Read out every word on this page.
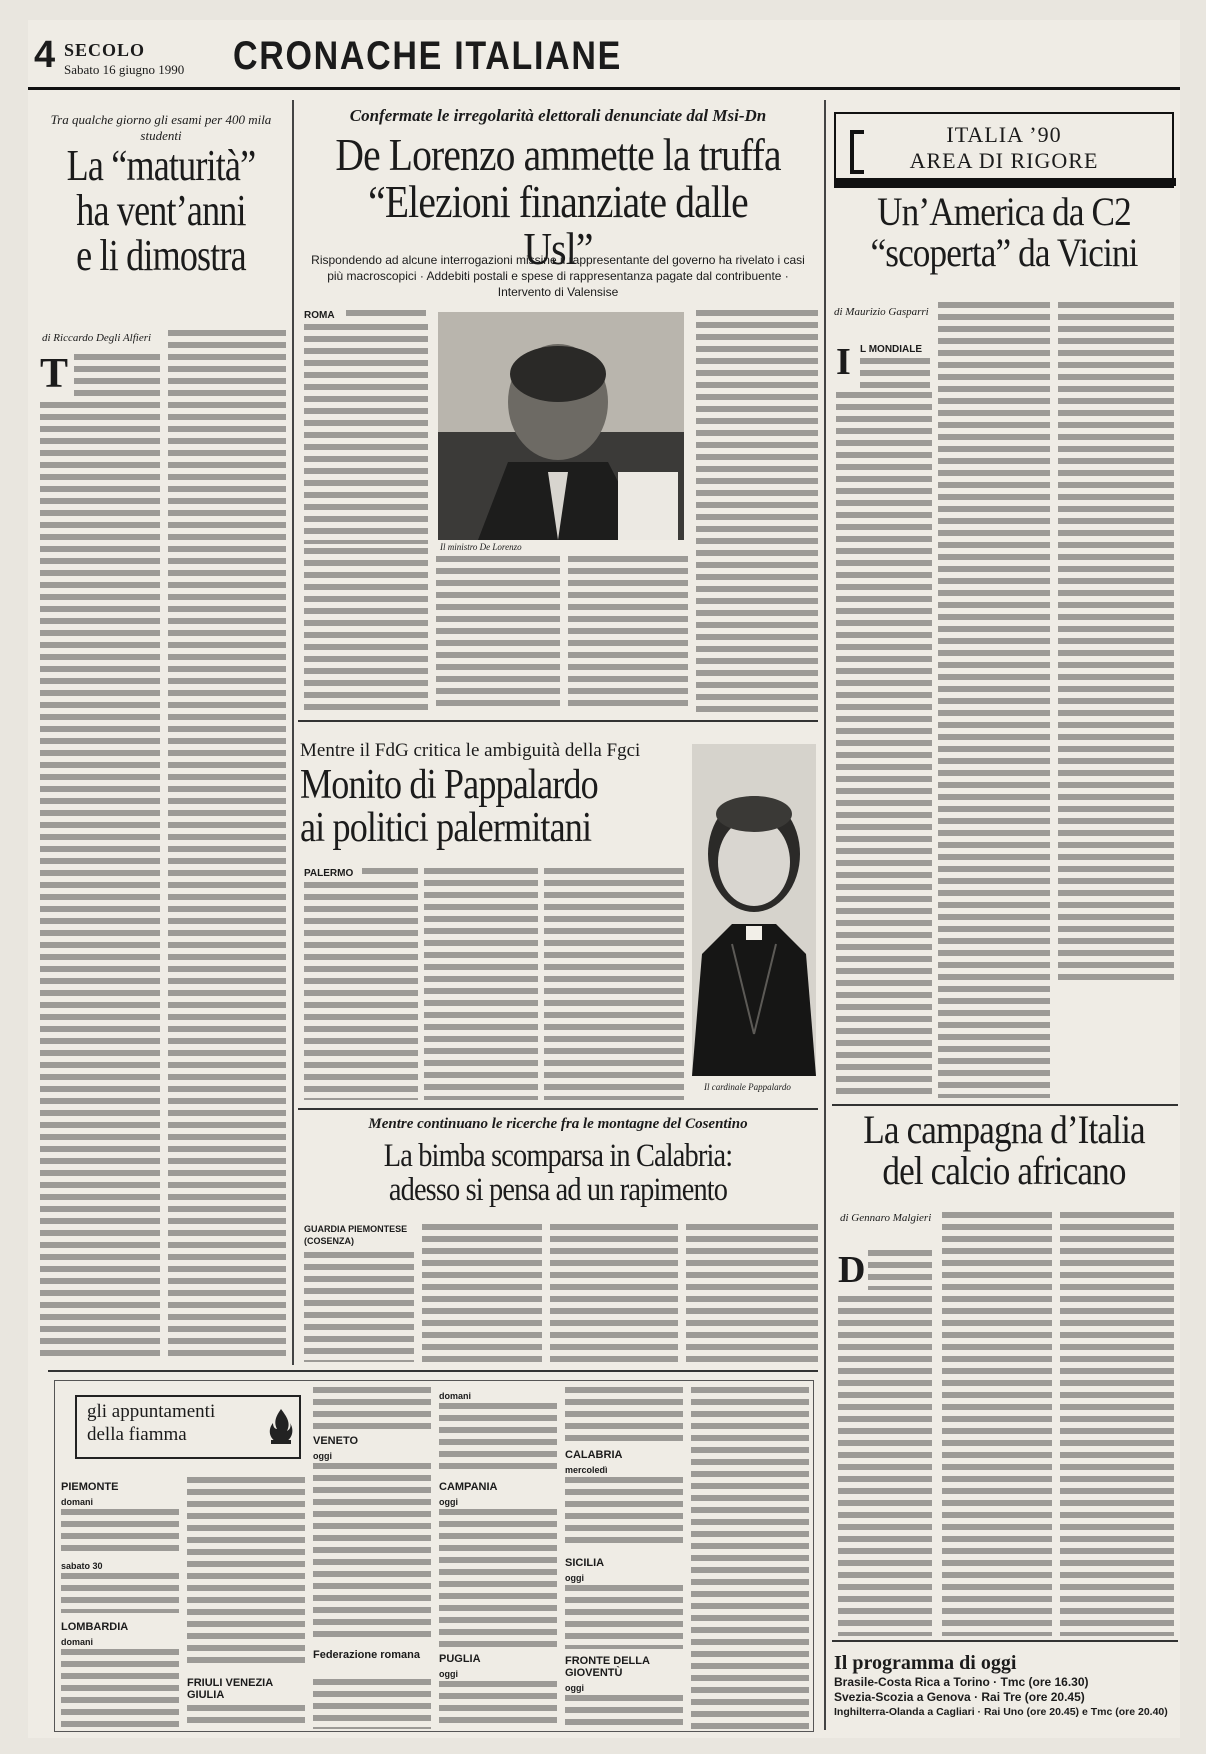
4 SECOLO
Sabato 16 giugno 1990 CRONACHE ITALIANE
Tra qualche giorno gli esami per 400 mila studenti
La “maturità”
ha vent’anni
e li dimostra
di Riccardo Degli Alfieri
T
Confermate le irregolarità elettorali denunciate dal Msi-Dn
De Lorenzo ammette la truffa
“Elezioni finanziate dalle Usl”
Rispondendo ad alcune interrogazioni missine il rappresentante del governo ha rivelato i casi più macroscopici · Addebiti postali e spese di rappresentanza pagate dal contribuente · Intervento di Valensise
ROMA
Il ministro De Lorenzo
Mentre il FdG critica le ambiguità della Fgci
Monito di Pappalardo
ai politici palermitani
PALERMO
Il cardinale Pappalardo
Mentre continuano le ricerche fra le montagne del Cosentino
La bimba scomparsa in Calabria:
adesso si pensa ad un rapimento
GUARDIA PIEMONTESE (COSENZA)
ITALIA ’90
AREA DI RIGORE
Un’America da C2
“scoperta” da Vicini
di Maurizio Gasparri
I L MONDIALE
La campagna d’Italia
del calcio africano
di Gennaro Malgieri
D
gli appuntamenti
della fiamma
PIEMONTE
domani
sabato 30
LOMBARDIA
domani
FRIULI VENEZIA GIULIA
VENETO
oggi
Federazione romana
domani
CAMPANIA
oggi
PUGLIA
oggi
CALABRIA
mercoledì
SICILIA
oggi
FRONTE DELLA GIOVENTÙ
oggi
Il programma di oggi
Brasile-Costa Rica a Torino · Tmc (ore 16.30)
Svezia-Scozia a Genova · Rai Tre (ore 20.45)
Inghilterra-Olanda a Cagliari · Rai Uno (ore 20.45) e Tmc (ore 20.40)
